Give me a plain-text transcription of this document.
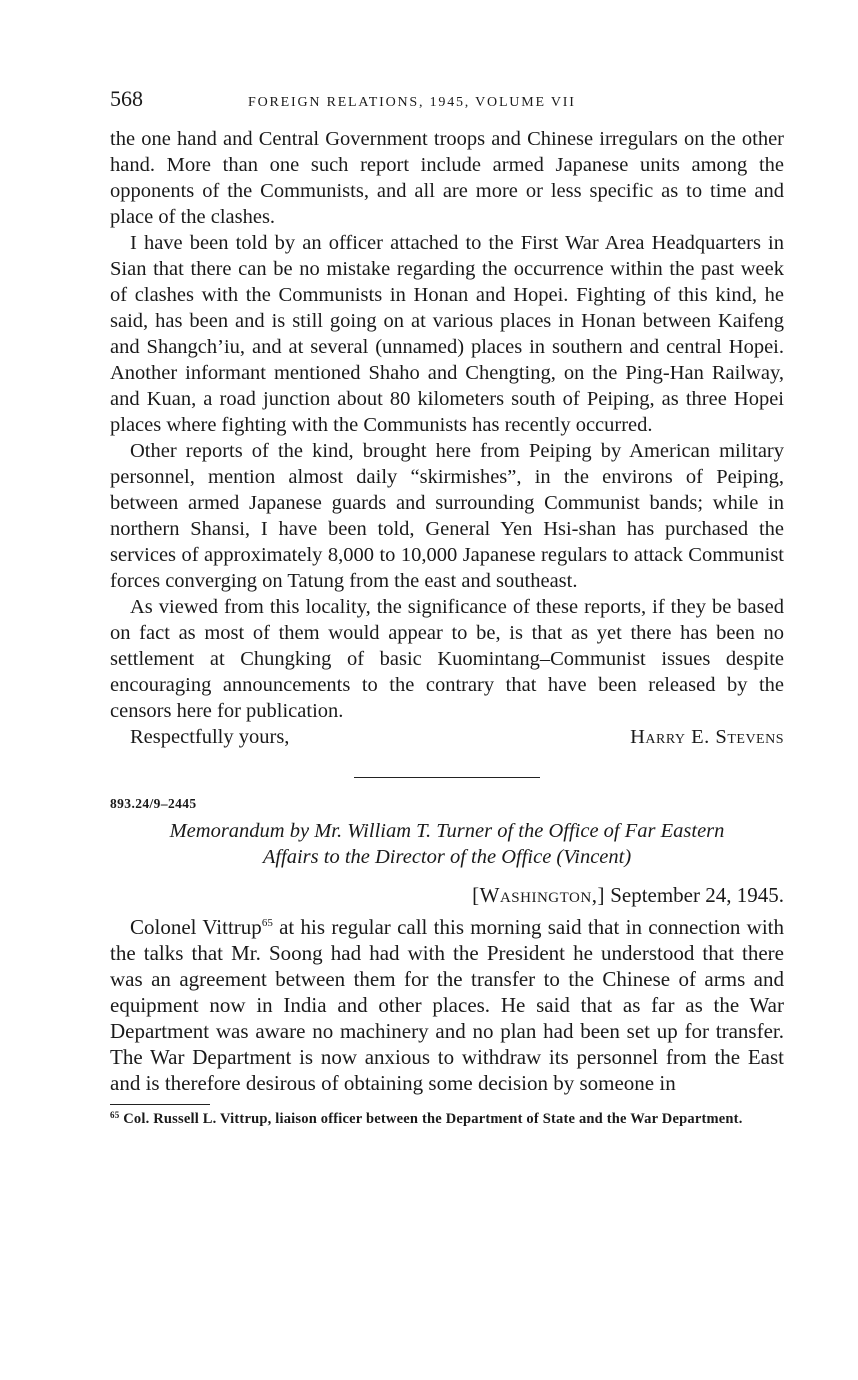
568	FOREIGN RELATIONS, 1945, VOLUME VII

the one hand and Central Government troops and Chinese irregulars on the other hand. More than one such report include armed Japanese units among the opponents of the Communists, and all are more or less specific as to time and place of the clashes.

I have been told by an officer attached to the First War Area Headquarters in Sian that there can be no mistake regarding the occurrence within the past week of clashes with the Communists in Honan and Hopei. Fighting of this kind, he said, has been and is still going on at various places in Honan between Kaifeng and Shangch’iu, and at several (unnamed) places in southern and central Hopei. Another informant mentioned Shaho and Chengting, on the Ping-Han Railway, and Kuan, a road junction about 80 kilometers south of Peiping, as three Hopei places where fighting with the Communists has recently occurred.

Other reports of the kind, brought here from Peiping by American military personnel, mention almost daily “skirmishes”, in the environs of Peiping, between armed Japanese guards and surrounding Communist bands; while in northern Shansi, I have been told, General Yen Hsi-shan has purchased the services of approximately 8,000 to 10,000 Japanese regulars to attack Communist forces converging on Tatung from the east and southeast.

As viewed from this locality, the significance of these reports, if they be based on fact as most of them would appear to be, is that as yet there has been no settlement at Chungking of basic Kuomintang–Communist issues despite encouraging announcements to the contrary that have been released by the censors here for publication.

Respectfully yours,	Harry E. Stevens
893.24/9–2445
Memorandum by Mr. William T. Turner of the Office of Far Eastern
Affairs to the Director of the Office (Vincent)
[Washington,] September 24, 1945.

Colonel Vittrup$^{65}$ at his regular call this morning said that in connection with the talks that Mr. Soong had had with the President he understood that there was an agreement between them for the transfer to the Chinese of arms and equipment now in India and other places. He said that as far as the War Department was aware no machinery and no plan had been set up for transfer. The War Department is now anxious to withdraw its personnel from the East and is therefore desirous of obtaining some decision by someone in

$^{65}$ Col. Russell L. Vittrup, liaison officer between the Department of State and the War Department.
